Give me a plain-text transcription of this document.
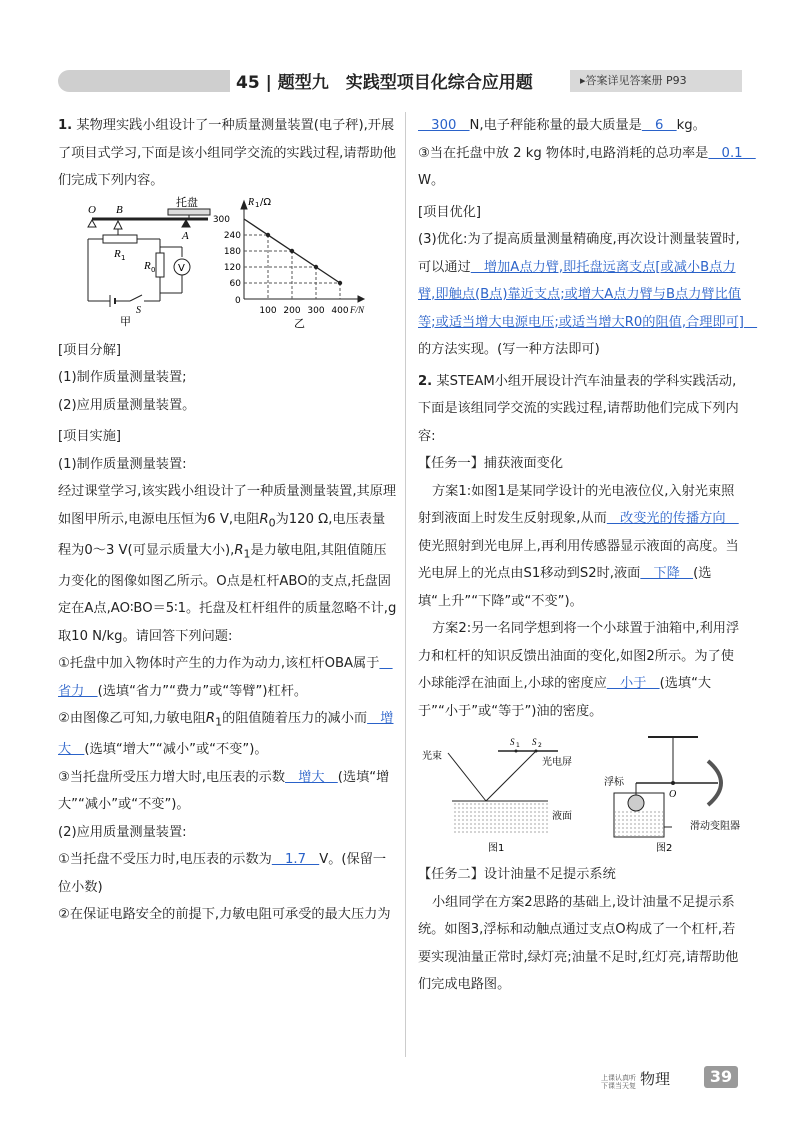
45 | 题型九　实践型项目化综合应用题	▸答案详见答案册 P93

1. 某物理实践小组设计了一种质量测量装置(电子秤),开展了项目式学习,下面是该小组同学交流的实践过程,请帮助他们完成下列内容。

O B
A
托盘
R 1
R 0 V
S
甲
R 1 /Ω
300
240
180
120
60
0
100 200 300 400 F/N
乙

[项目分解]

(1)制作质量测量装置;

(2)应用质量测量装置。

[项目实施]

(1)制作质量测量装置:

经过课堂学习,该实践小组设计了一种质量测量装置,其原理如图甲所示,电源电压恒为6 V,电阻$R_0$为120 Ω,电压表量程为0～3 V(可显示质量大小)$,R_1$是力敏电阻,其阻值随压力变化的图像如图乙所示。O点是杠杆ABO的支点,托盘固定在A点,AO∶BO＝5∶1。托盘及杠杆组件的质量忽略不计,g取10 N/kg。请回答下列问题:

①托盘中加入物体时产生的力作为动力,该杠杆OBA属于　省力　(选填“省力”“费力”或“等臂”)杠杆。

②由图像乙可知,力敏电阻$R_1$的阻值随着压力的减小而　增大　(选填“增大”“减小”或“不变”)。

③当托盘所受压力增大时,电压表的示数　增大　(选填“增大”“减小”或“不变”)。

(2)应用质量测量装置:

①当托盘不受压力时,电压表的示数为　1.7　V。(保留一位小数)

②在保证电路安全的前提下,力敏电阻可承受的最大压力为

　300　N,电子秤能称量的最大质量是　6　kg。

③当在托盘中放 2 kg 物体时,电路消耗的总功率是　0.1　W。

[项目优化]

(3)优化:为了提高质量测量精确度,再次设计测量装置时,可以通过　增加A点力臂,即托盘远离支点[或减小B点力臂,即触点(B点)靠近支点;或增大A点力臂与B点力臂比值等;或适当增大电源电压;或适当增大R0的阻值,合理即可]　的方法实现。(写一种方法即可)

2. 某STEAM小组开展设计汽车油量表的学科实践活动,下面是该组同学交流的实践过程,请帮助他们完成下列内容:

【任务一】捕获液面变化

方案1:如图1是某同学设计的光电液位仪,入射光束照射到液面上时发生反射现象,从而　改变光的传播方向　使光照射到光电屏上,再利用传感器显示液面的高度。当光电屏上的光点由S1移动到S2时,液面　下降　(选填“上升”“下降”或“不变”)。

方案2:另一名同学想到将一个小球置于油箱中,利用浮力和杠杆的知识反馈出油面的变化,如图2所示。为了使小球能浮在油面上,小球的密度应　小于　(选填“大于”“小于”或“等于”)油的密度。

光束
S 1 S 2
光电屏
液面
图1
浮标
O
滑动变阻器
图2

【任务二】设计油量不足提示系统

小组同学在方案2思路的基础上,设计油量不足提示系统。如图3,浮标和动触点通过支点O构成了一个杠杆,若要实现油量正常时,绿灯亮;油量不足时,红灯亮,请帮助他们完成电路图。

上课认真听
下课当天复 物理	39
